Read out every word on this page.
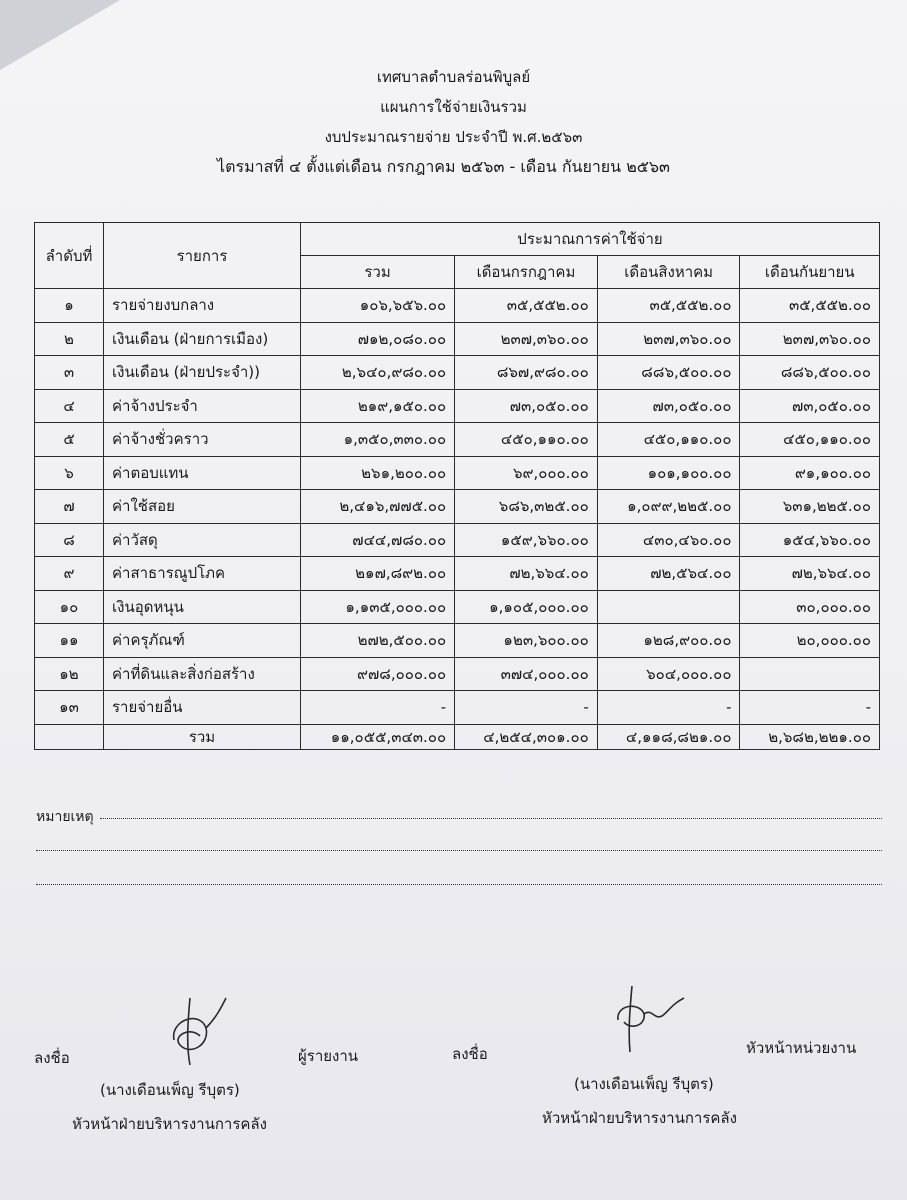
เทศบาลตำบลร่อนพิบูลย์
แผนการใช้จ่ายเงินรวม
งบประมาณรายจ่าย ประจำปี พ.ศ.๒๕๖๓
ไตรมาสที่ ๔ ตั้งแต่เดือน กรกฎาคม ๒๕๖๓ - เดือน กันยายน ๒๕๖๓
ลำดับที่	รายการ	ประมาณการค่าใช้จ่าย			
		รวม	เดือนกรกฎาคม	เดือนสิงหาคม	เดือนกันยายน
๑	รายจ่ายงบกลาง	๑๐๖,๖๕๖.๐๐	๓๕,๕๕๒.๐๐	๓๕,๕๕๒.๐๐	๓๕,๕๕๒.๐๐
๒	เงินเดือน (ฝ่ายการเมือง)	๗๑๒,๐๘๐.๐๐	๒๓๗,๓๖๐.๐๐	๒๓๗,๓๖๐.๐๐	๒๓๗,๓๖๐.๐๐
๓	เงินเดือน (ฝ่ายประจำ))	๒,๖๔๐,๙๘๐.๐๐	๘๖๗,๙๘๐.๐๐	๘๘๖,๕๐๐.๐๐	๘๘๖,๕๐๐.๐๐
๔	ค่าจ้างประจำ	๒๑๙,๑๕๐.๐๐	๗๓,๐๕๐.๐๐	๗๓,๐๕๐.๐๐	๗๓,๐๕๐.๐๐
๕	ค่าจ้างชั่วคราว	๑,๓๕๐,๓๓๐.๐๐	๔๕๐,๑๑๐.๐๐	๔๕๐,๑๑๐.๐๐	๔๕๐,๑๑๐.๐๐
๖	ค่าตอบแทน	๒๖๑,๒๐๐.๐๐	๖๙,๐๐๐.๐๐	๑๐๑,๑๐๐.๐๐	๙๑,๑๐๐.๐๐
๗	ค่าใช้สอย	๒,๔๑๖,๗๗๕.๐๐	๖๘๖,๓๒๕.๐๐	๑,๐๙๙,๒๒๕.๐๐	๖๓๑,๒๒๕.๐๐
๘	ค่าวัสดุ	๗๔๔,๗๘๐.๐๐	๑๕๙,๖๖๐.๐๐	๔๓๐,๔๖๐.๐๐	๑๕๔,๖๖๐.๐๐
๙	ค่าสาธารณูปโภค	๒๑๗,๘๙๒.๐๐	๗๒,๖๖๔.๐๐	๗๒,๕๖๔.๐๐	๗๒,๖๖๔.๐๐
๑๐	เงินอุดหนุน	๑,๑๓๕,๐๐๐.๐๐	๑,๑๐๕,๐๐๐.๐๐		๓๐,๐๐๐.๐๐
๑๑	ค่าครุภัณฑ์	๒๗๒,๕๐๐.๐๐	๑๒๓,๖๐๐.๐๐	๑๒๘,๙๐๐.๐๐	๒๐,๐๐๐.๐๐
๑๒	ค่าที่ดินและสิ่งก่อสร้าง	๙๗๘,๐๐๐.๐๐	๓๗๔,๐๐๐.๐๐	๖๐๔,๐๐๐.๐๐	
๑๓	รายจ่ายอื่น	-	-	-	-
	รวม	๑๑,๐๕๕,๓๔๓.๐๐	๔,๒๕๔,๓๐๑.๐๐	๔,๑๑๘,๘๒๑.๐๐	๒,๖๘๒,๒๒๑.๐๐
หมายเหตุ
ลงชื่อ	ผู้รายงาน
(นางเดือนเพ็ญ รีบุตร)
หัวหน้าฝ่ายบริหารงานการคลัง
ลงชื่อ	หัวหน้าหน่วยงาน
(นางเดือนเพ็ญ รีบุตร)
หัวหน้าฝ่ายบริหารงานการคลัง
